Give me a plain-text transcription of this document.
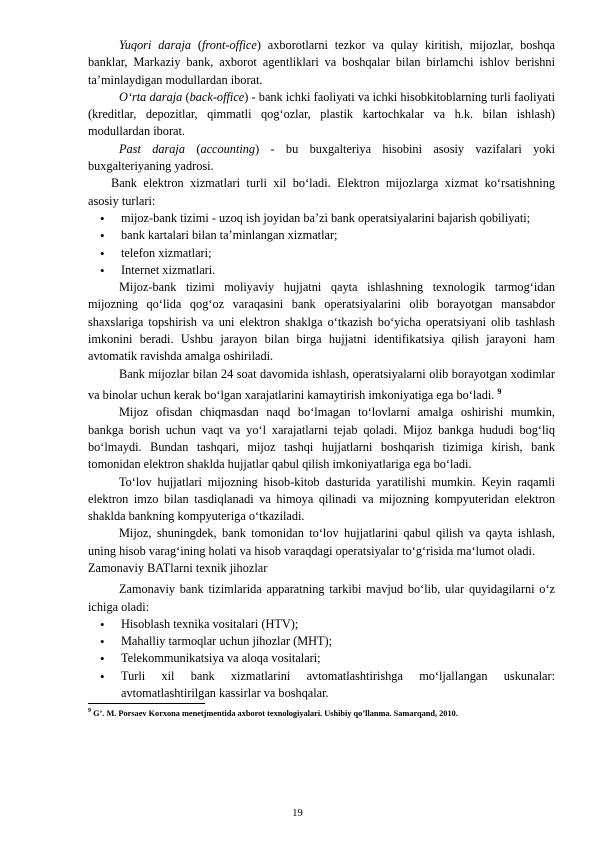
Yuqori daraja (front-office) axborotlarni tezkor va qulay kiritish, mijozlar, boshqa banklar, Markaziy bank, axborot agentliklari va boshqalar bilan birlamchi ishlov berishni ta’minlaydigan modullardan iborat.

O‘rta daraja (back-office) - bank ichki faoliyati va ichki hisobkitoblarning turli faoliyati (kreditlar, depozitlar, qimmatli qog‘ozlar, plastik kartochkalar va h.k. bilan ishlash) modullardan iborat.

Past daraja (accounting) - bu buxgalteriya hisobini asosiy vazifalari yoki buxgalteriyaning yadrosi.

Bank elektron xizmatlari turli xil bo‘ladi. Elektron mijozlarga xizmat ko‘rsatishning asosiy turlari:

• mijoz-bank tizimi - uzoq ish joyidan ba’zi bank operatsiyalarini bajarish qobiliyati;
• bank kartalari bilan ta’minlangan xizmatlar;
• telefon xizmatlari;
• Internet xizmatlari.

Mijoz-bank tizimi moliyaviy hujjatni qayta ishlashning texnologik tarmog‘idan mijozning qo‘lida qog‘oz varaqasini bank operatsiyalarini olib borayotgan mansabdor shaxslariga topshirish va uni elektron shaklga o‘tkazish bo‘yicha operatsiyani olib tashlash imkonini beradi. Ushbu jarayon bilan birga hujjatni identifikatsiya qilish jarayoni ham avtomatik ravishda amalga oshiriladi.

Bank mijozlar bilan 24 soat davomida ishlash, operatsiyalarni olib borayotgan xodimlar va binolar uchun kerak bo‘lgan xarajatlarini kamaytirish imkoniyatiga ega bo‘ladi. $^9$

Mijoz ofisdan chiqmasdan naqd bo‘lmagan to‘lovlarni amalga oshirishi mumkin, bankga borish uchun vaqt va yo‘l xarajatlarni tejab qoladi. Mijoz bankga hududi bog‘liq bo‘lmaydi. Bundan tashqari, mijoz tashqi hujjatlarni boshqarish tizimiga kirish, bank tomonidan elektron shaklda hujjatlar qabul qilish imkoniyatlariga ega bo‘ladi.

To‘lov hujjatlari mijozning hisob-kitob dasturida yaratilishi mumkin. Keyin raqamli elektron imzo bilan tasdiqlanadi va himoya qilinadi va mijozning kompyuteridan elektron shaklda bankning kompyuteriga o‘tkaziladi.

Mijoz, shuningdek, bank tomonidan to‘lov hujjatlarini qabul qilish va qayta ishlash, uning hisob varag‘ining holati va hisob varaqdagi operatsiyalar to‘g‘risida ma‘lumot oladi.

Zamonaviy BATlarni texnik jihozlar

Zamonaviy bank tizimlarida apparatning tarkibi mavjud bo‘lib, ular quyidagilarni o‘z ichiga oladi:

• Hisoblash texnika vositalari (HTV);
• Mahalliy tarmoqlar uchun jihozlar (MHT);
• Telekommunikatsiya va aloqa vositalari;
• Turli xil bank xizmatlarini avtomatlashtirishga mo‘ljallangan uskunalar: avtomatlashtirilgan kassirlar va boshqalar.
$^9$ G’. M. Porsaev Korxona menetjmentida axborot texnologiyalari. Ushibiy qo’llanma. Samarqand, 2010.
19
